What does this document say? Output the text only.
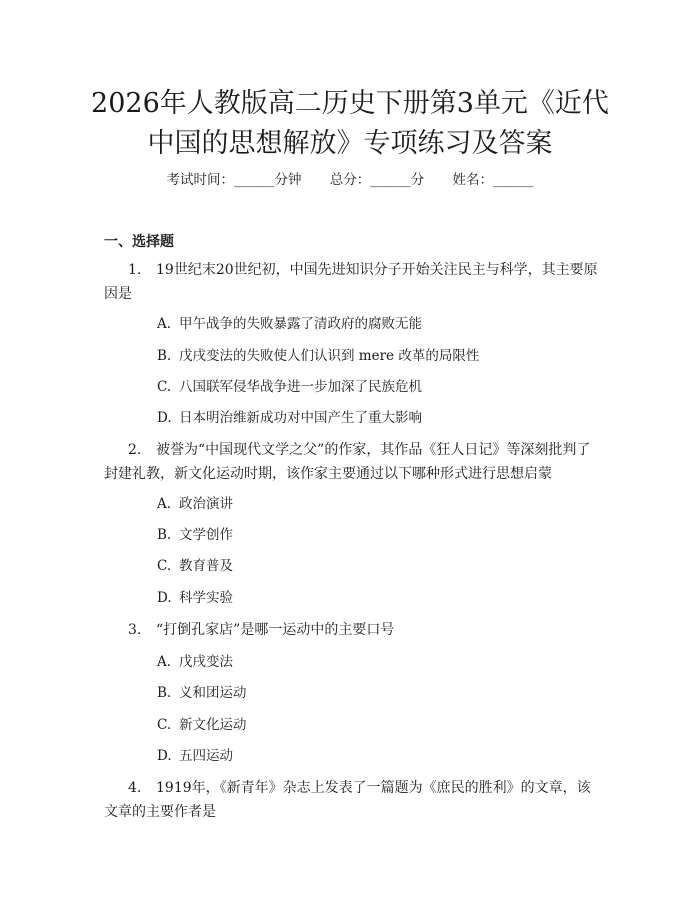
2026年人教版高二历史下册第3单元《近代
中国的思想解放》专项练习及答案
考试时间：______分钟 总分：______分 姓名：______
一、选择题
1. 19世纪末20世纪初，中国先进知识分子开始关注民主与科学，其主要原
因是
A. 甲午战争的失败暴露了清政府的腐败无能
B. 戊戌变法的失败使人们认识到 mere 改革的局限性
C. 八国联军侵华战争进一步加深了民族危机
D. 日本明治维新成功对中国产生了重大影响
2. 被誉为“中国现代文学之父”的作家，其作品《狂人日记》等深刻批判了
封建礼教，新文化运动时期，该作家主要通过以下哪种形式进行思想启蒙
A. 政治演讲
B. 文学创作
C. 教育普及
D. 科学实验
3. “打倒孔家店”是哪一运动中的主要口号
A. 戊戌变法
B. 义和团运动
C. 新文化运动
D. 五四运动
4. 1919年，《新青年》杂志上发表了一篇题为《庶民的胜利》的文章，该
文章的主要作者是
